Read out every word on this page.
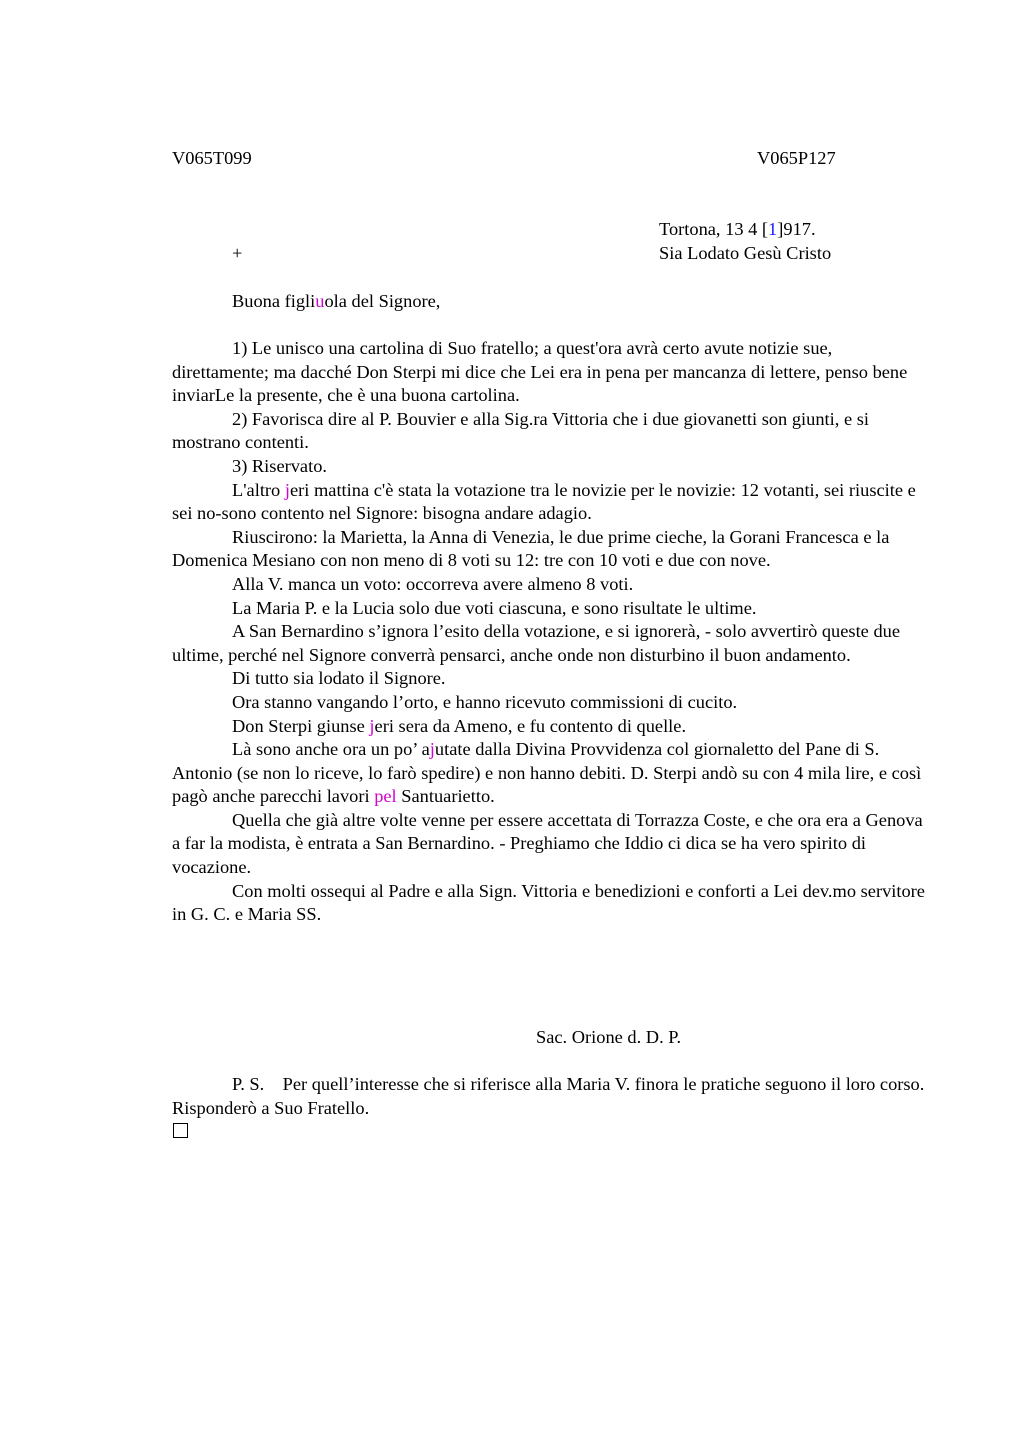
V065T099	V065P127
Tortona, 13 4 [1]917.
+	Sia Lodato Gesù Cristo
Buona figliuola del Signore,

1) Le unisco una cartolina di Suo fratello; a quest'ora avrà certo avute notizie sue, direttamente; ma dacché Don Sterpi mi dice che Lei era in pena per mancanza di lettere, penso bene inviarLe la presente, che è una buona cartolina.

2) Favorisca dire al P. Bouvier e alla Sig.ra Vittoria che i due giovanetti son giunti, e si mostrano contenti.

3) Riservato.

L'altro jeri mattina c'è stata la votazione tra le novizie per le novizie: 12 votanti, sei riuscite e sei no-sono contento nel Signore: bisogna andare adagio.

Riuscirono: la Marietta, la Anna di Venezia, le due prime cieche, la Gorani Francesca e la Domenica Mesiano con non meno di 8 voti su 12: tre con 10 voti e due con nove.

Alla V. manca un voto: occorreva avere almeno 8 voti.

La Maria P. e la Lucia solo due voti ciascuna, e sono risultate le ultime.

A San Bernardino s’ignora l’esito della votazione, e si ignorerà, - solo avvertirò queste due ultime, perché nel Signore converrà pensarci, anche onde non disturbino il buon andamento.

Di tutto sia lodato il Signore.

Ora stanno vangando l’orto, e hanno ricevuto commissioni di cucito.

Don Sterpi giunse jeri sera da Ameno, e fu contento di quelle.

Là sono anche ora un po’ ajutate dalla Divina Provvidenza col giornaletto del Pane di S. Antonio (se non lo riceve, lo farò spedire) e non hanno debiti. D. Sterpi andò su con 4 mila lire, e così pagò anche parecchi lavori pel Santuarietto.

Quella che già altre volte venne per essere accettata di Torrazza Coste, e che ora era a Genova a far la modista, è entrata a San Bernardino. - Preghiamo che Iddio ci dica se ha vero spirito di vocazione.

Con molti ossequi al Padre e alla Sign. Vittoria e benedizioni e conforti a Lei dev.mo servitore in G. C. e Maria SS.

Sac. Orione d. D. P.

P. S.    Per quell’interesse che si riferisce alla Maria V. finora le pratiche seguono il loro corso. Risponderò a Suo Fratello.
